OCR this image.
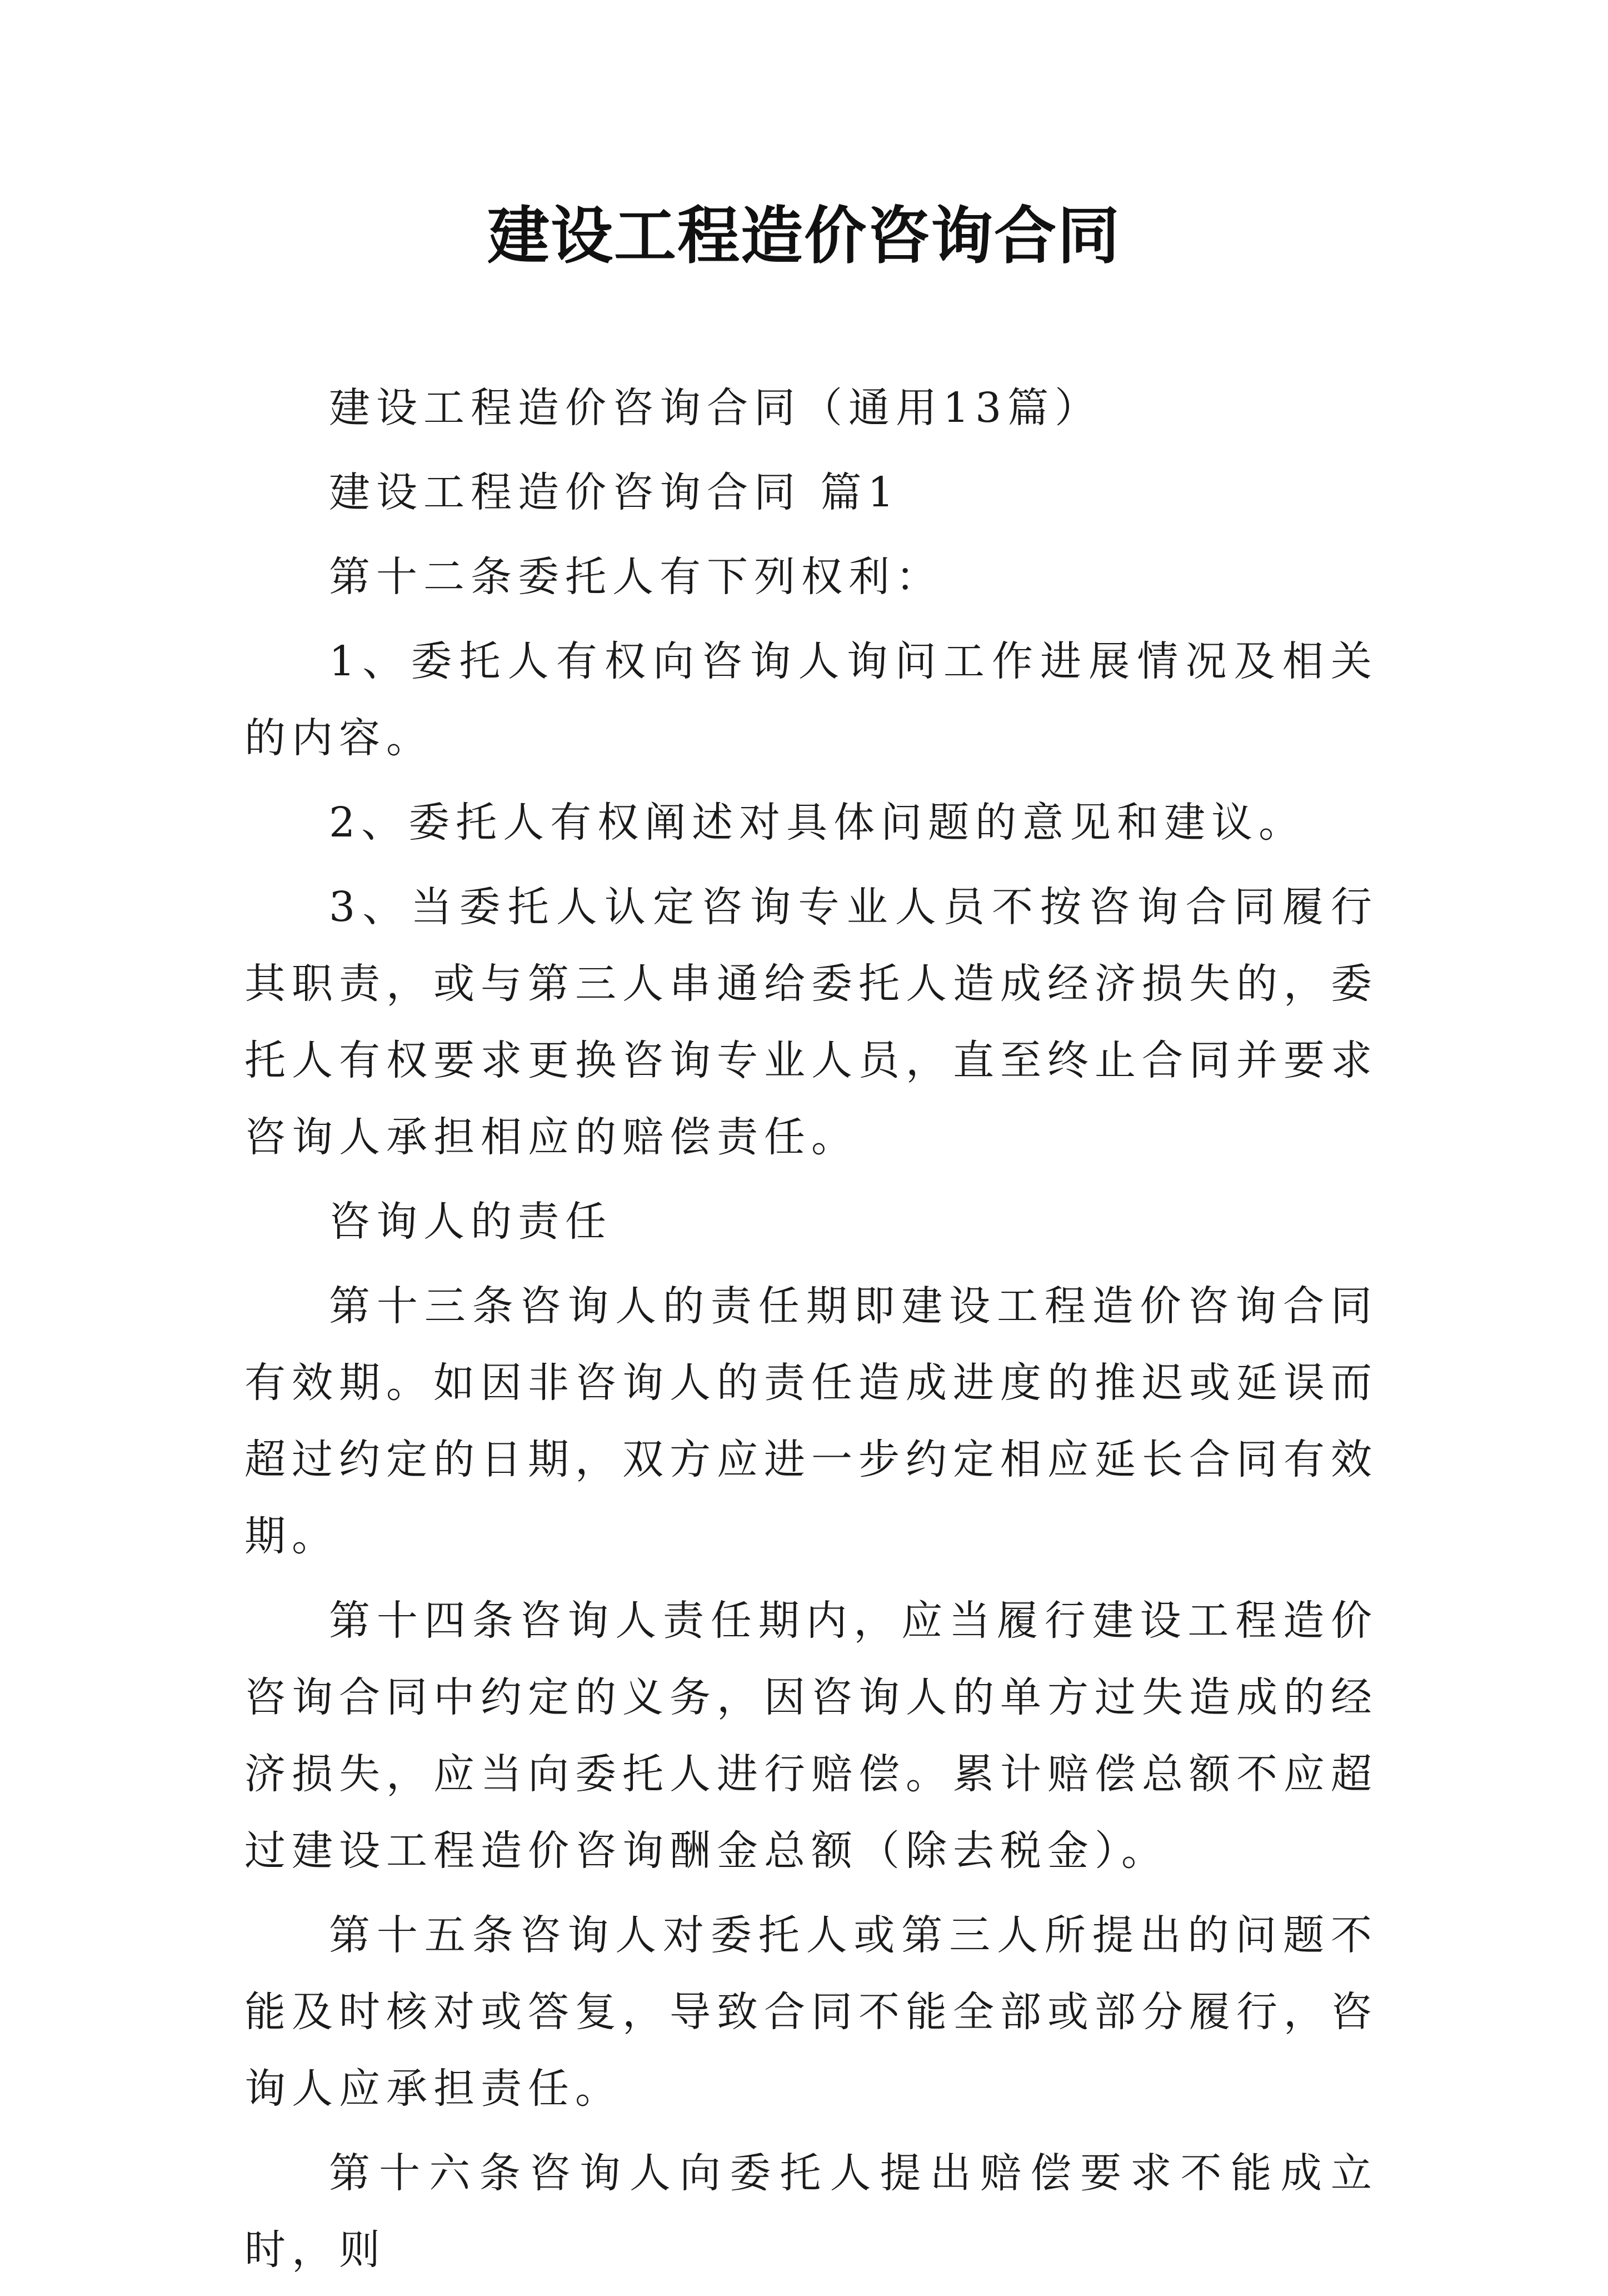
建设工程造价咨询合同

建设工程造价咨询合同（通用13篇）

建设工程造价咨询合同 篇1

第十二条委托人有下列权利：

1、委托人有权向咨询人询问工作进展情况及相关的内容。

2、委托人有权阐述对具体问题的意见和建议。

3、当委托人认定咨询专业人员不按咨询合同履行其职责，或与第三人串通给委托人造成经济损失的，委托人有权要求更换咨询专业人员，直至终止合同并要求咨询人承担相应的赔偿责任。

咨询人的责任

第十三条咨询人的责任期即建设工程造价咨询合同有效期。如因非咨询人的责任造成进度的推迟或延误而超过约定的日期，双方应进一步约定相应延长合同有效期。

第十四条咨询人责任期内，应当履行建设工程造价咨询合同中约定的义务，因咨询人的单方过失造成的经济损失，应当向委托人进行赔偿。累计赔偿总额不应超过建设工程造价咨询酬金总额（除去税金）。

第十五条咨询人对委托人或第三人所提出的问题不能及时核对或答复，导致合同不能全部或部分履行，咨询人应承担责任。

第十六条咨询人向委托人提出赔偿要求不能成立时，则
